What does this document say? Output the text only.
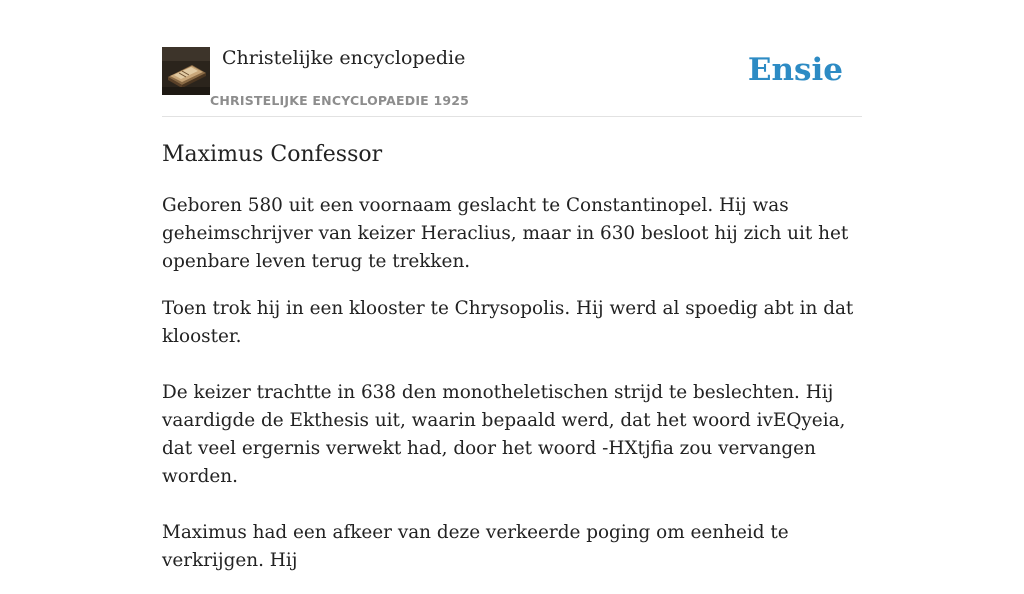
Christelijke encyclopedie
CHRISTELIJKE ENCYCLOPAEDIE 1925
Ensie
Maximus Confessor

Geboren 580 uit een voornaam geslacht te Constantinopel. Hij was geheimschrijver van keizer Heraclius, maar in 630 besloot hij zich uit het openbare leven terug te trekken.

Toen trok hij in een klooster te Chrysopolis. Hij werd al spoedig abt in dat klooster.

De keizer trachtte in 638 den monotheletischen strijd te beslechten. Hij vaardigde de Ekthesis uit, waarin bepaald werd, dat het woord ivEQyeia, dat veel ergernis verwekt had, door het woord -HXtjfia zou vervangen worden.

Maximus had een afkeer van deze verkeerde poging om eenheid te verkrijgen. Hij
